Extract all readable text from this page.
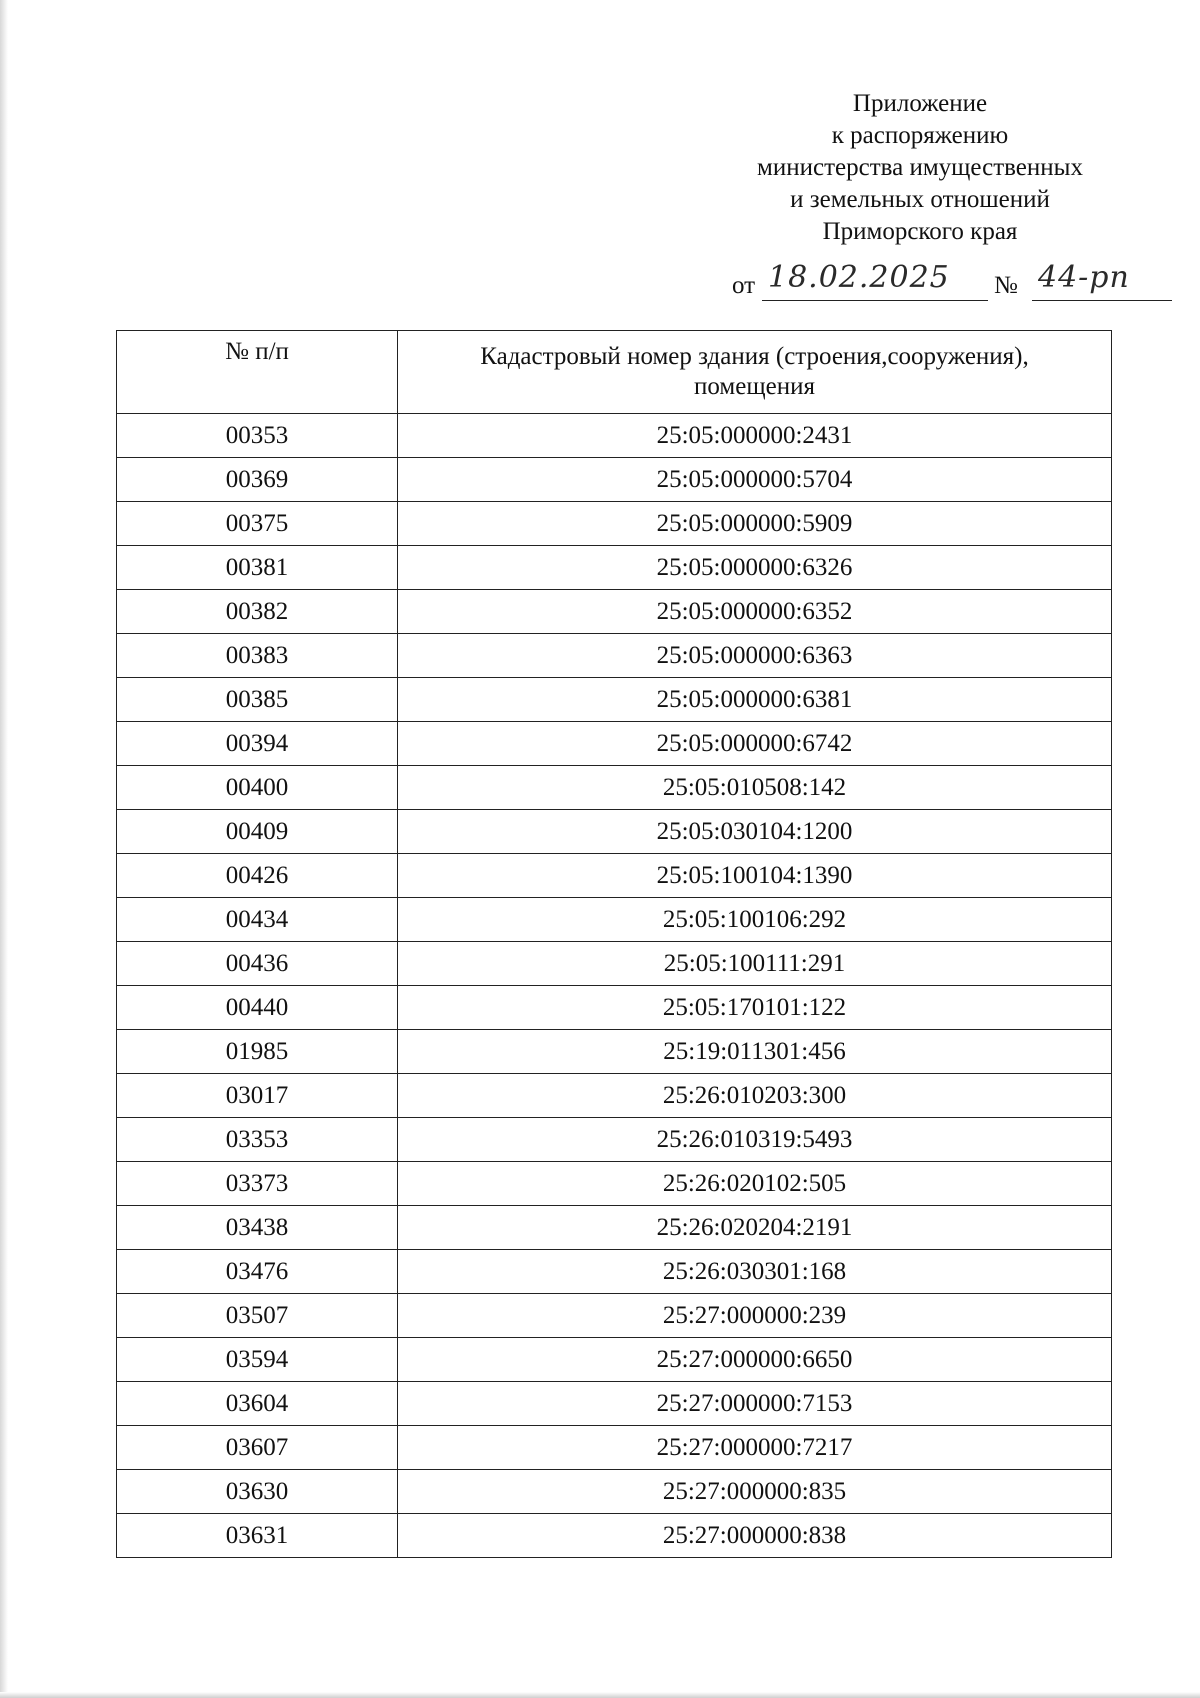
Приложение
к распоряжению
министерства имущественных
и земельных отношений
Приморского края
от 18.02.2025 № 44-рп
№ п/п	Кадастровый номер здания (строения,сооружения), помещения
00353	25:05:000000:2431
00369	25:05:000000:5704
00375	25:05:000000:5909
00381	25:05:000000:6326
00382	25:05:000000:6352
00383	25:05:000000:6363
00385	25:05:000000:6381
00394	25:05:000000:6742
00400	25:05:010508:142
00409	25:05:030104:1200
00426	25:05:100104:1390
00434	25:05:100106:292
00436	25:05:100111:291
00440	25:05:170101:122
01985	25:19:011301:456
03017	25:26:010203:300
03353	25:26:010319:5493
03373	25:26:020102:505
03438	25:26:020204:2191
03476	25:26:030301:168
03507	25:27:000000:239
03594	25:27:000000:6650
03604	25:27:000000:7153
03607	25:27:000000:7217
03630	25:27:000000:835
03631	25:27:000000:838
